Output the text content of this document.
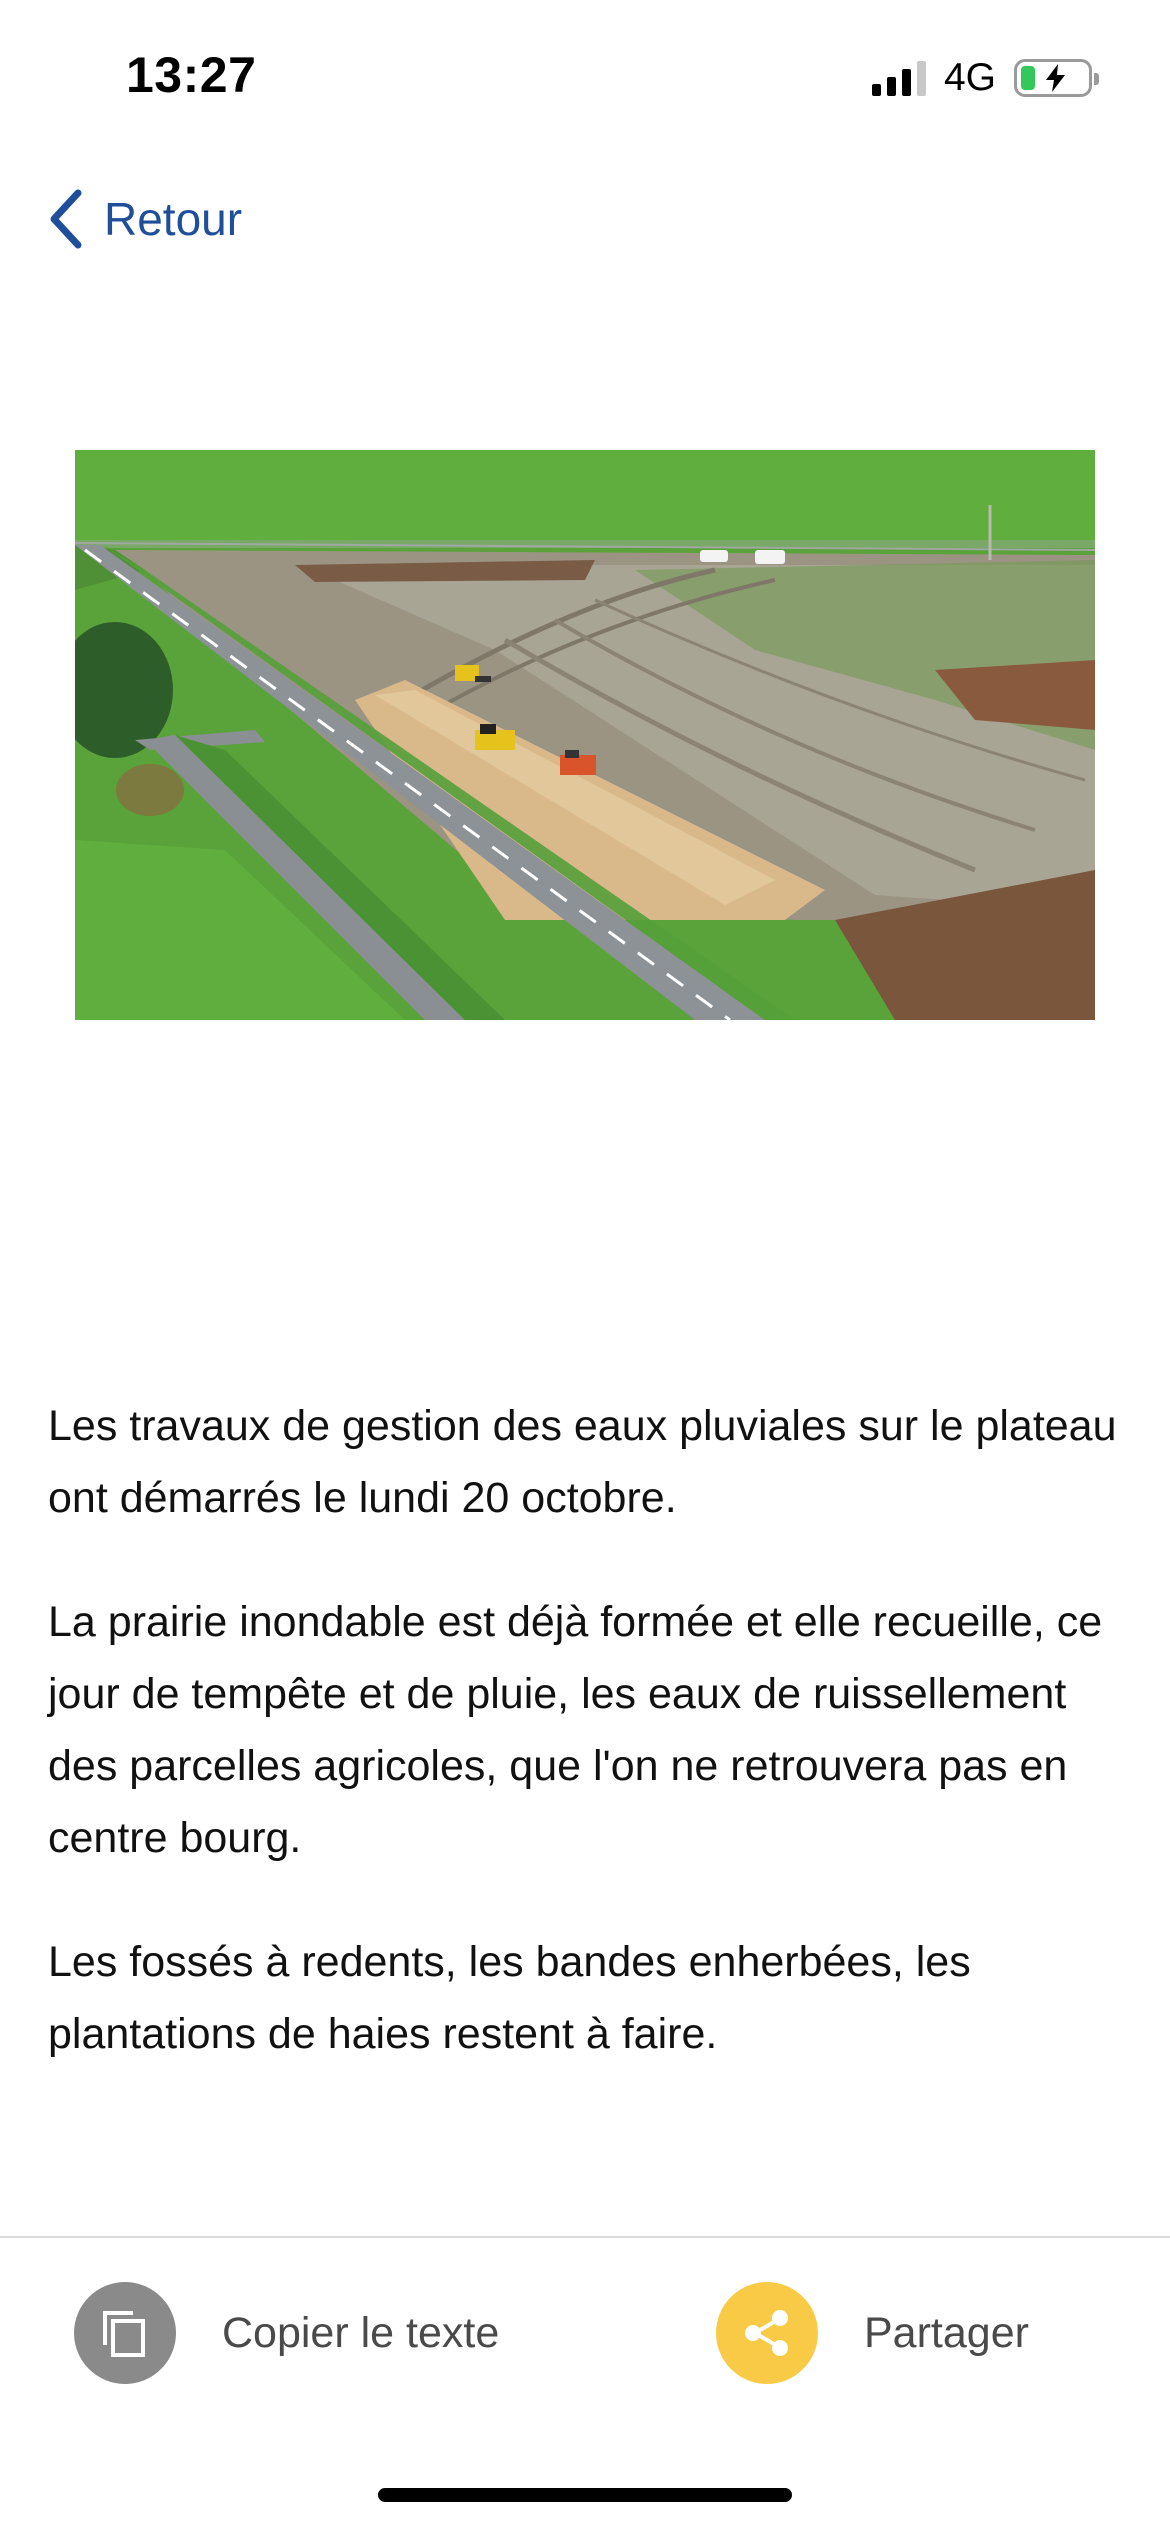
13:27	4G
Retour

Les travaux de gestion des eaux pluviales sur le plateau ont démarrés le lundi 20 octobre.

La prairie inondable est déjà formée et elle recueille, ce jour de tempête et de pluie, les eaux de ruissellement des parcelles agricoles, que l'on ne retrouvera pas en centre bourg.

Les fossés à redents, les bandes enherbées, les plantations de haies restent à faire.

Copier le texte	Partager
